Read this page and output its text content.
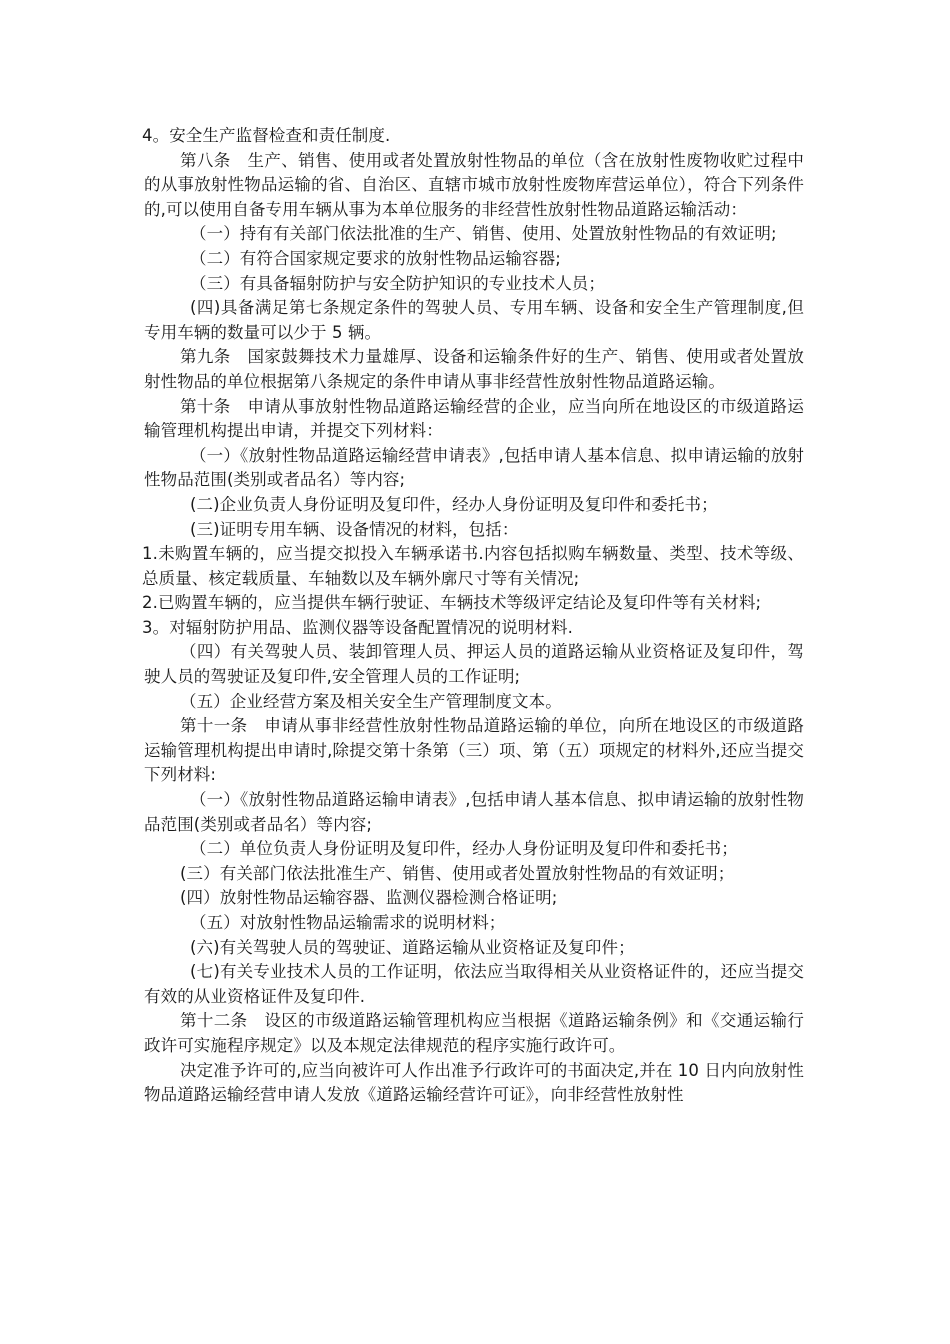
4。安全生产监督检查和责任制度.

第八条　生产、销售、使用或者处置放射性物品的单位（含在放射性废物收贮过程中的从事放射性物品运输的省、自治区、直辖市城市放射性废物库营运单位），符合下列条件的,可以使用自备专用车辆从事为本单位服务的非经营性放射性物品道路运输活动：

（一）持有有关部门依法批准的生产、销售、使用、处置放射性物品的有效证明;

（二）有符合国家规定要求的放射性物品运输容器;

（三）有具备辐射防护与安全防护知识的专业技术人员；

(四)具备满足第七条规定条件的驾驶人员、专用车辆、设备和安全生产管理制度,但专用车辆的数量可以少于 5 辆。

第九条　国家鼓舞技术力量雄厚、设备和运输条件好的生产、销售、使用或者处置放射性物品的单位根据第八条规定的条件申请从事非经营性放射性物品道路运输。

第十条　申请从事放射性物品道路运输经营的企业，应当向所在地设区的市级道路运输管理机构提出申请，并提交下列材料：

（一）《放射性物品道路运输经营申请表》,包括申请人基本信息、拟申请运输的放射性物品范围(类别或者品名）等内容;

(二)企业负责人身份证明及复印件，经办人身份证明及复印件和委托书；

(三)证明专用车辆、设备情况的材料，包括：

1.未购置车辆的，应当提交拟投入车辆承诺书.内容包括拟购车辆数量、类型、技术等级、总质量、核定载质量、车轴数以及车辆外廓尺寸等有关情况;

2.已购置车辆的，应当提供车辆行驶证、车辆技术等级评定结论及复印件等有关材料;

3。对辐射防护用品、监测仪器等设备配置情况的说明材料.

（四）有关驾驶人员、装卸管理人员、押运人员的道路运输从业资格证及复印件，驾驶人员的驾驶证及复印件,安全管理人员的工作证明;

（五）企业经营方案及相关安全生产管理制度文本。

第十一条　申请从事非经营性放射性物品道路运输的单位，向所在地设区的市级道路运输管理机构提出申请时,除提交第十条第（三）项、第（五）项规定的材料外,还应当提交下列材料:

（一）《放射性物品道路运输申请表》,包括申请人基本信息、拟申请运输的放射性物品范围(类别或者品名）等内容;

（二）单位负责人身份证明及复印件，经办人身份证明及复印件和委托书；

(三）有关部门依法批准生产、销售、使用或者处置放射性物品的有效证明；

(四）放射性物品运输容器、监测仪器检测合格证明;

（五）对放射性物品运输需求的说明材料；

(六)有关驾驶人员的驾驶证、道路运输从业资格证及复印件；

(七)有关专业技术人员的工作证明，依法应当取得相关从业资格证件的，还应当提交有效的从业资格证件及复印件.

第十二条　设区的市级道路运输管理机构应当根据《道路运输条例》和《交通运输行政许可实施程序规定》以及本规定法律规范的程序实施行政许可。

决定准予许可的,应当向被许可人作出准予行政许可的书面决定,并在 10 日内向放射性物品道路运输经营申请人发放《道路运输经营许可证》，向非经营性放射性
